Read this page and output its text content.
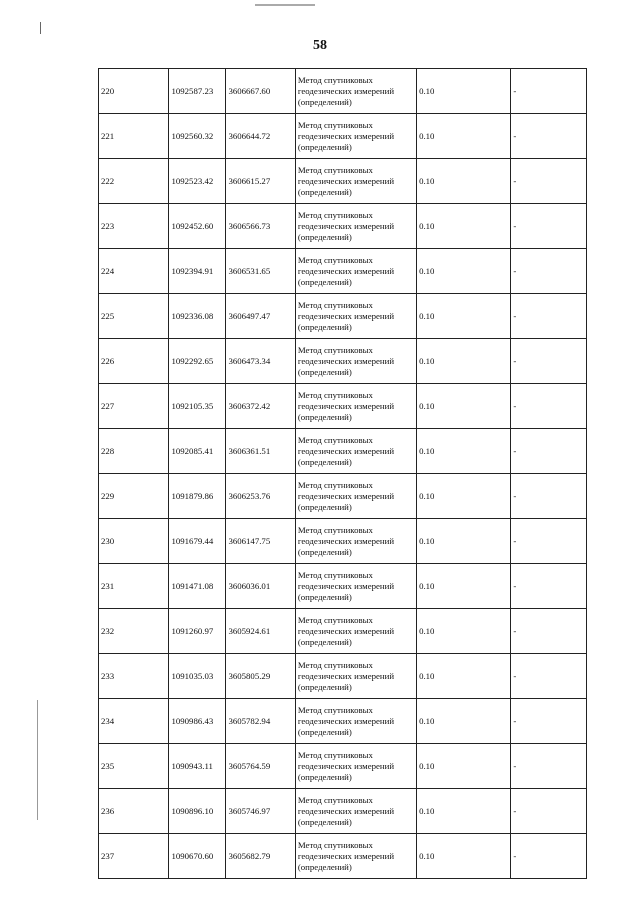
58
220	1092587.23	3606667.60	Метод спутниковых
геодезических измерений
(определений)	0.10	-
221	1092560.32	3606644.72	Метод спутниковых
геодезических измерений
(определений)	0.10	-
222	1092523.42	3606615.27	Метод спутниковых
геодезических измерений
(определений)	0.10	-
223	1092452.60	3606566.73	Метод спутниковых
геодезических измерений
(определений)	0.10	-
224	1092394.91	3606531.65	Метод спутниковых
геодезических измерений
(определений)	0.10	-
225	1092336.08	3606497.47	Метод спутниковых
геодезических измерений
(определений)	0.10	-
226	1092292.65	3606473.34	Метод спутниковых
геодезических измерений
(определений)	0.10	-
227	1092105.35	3606372.42	Метод спутниковых
геодезических измерений
(определений)	0.10	-
228	1092085.41	3606361.51	Метод спутниковых
геодезических измерений
(определений)	0.10	-
229	1091879.86	3606253.76	Метод спутниковых
геодезических измерений
(определений)	0.10	-
230	1091679.44	3606147.75	Метод спутниковых
геодезических измерений
(определений)	0.10	-
231	1091471.08	3606036.01	Метод спутниковых
геодезических измерений
(определений)	0.10	-
232	1091260.97	3605924.61	Метод спутниковых
геодезических измерений
(определений)	0.10	-
233	1091035.03	3605805.29	Метод спутниковых
геодезических измерений
(определений)	0.10	-
234	1090986.43	3605782.94	Метод спутниковых
геодезических измерений
(определений)	0.10	-
235	1090943.11	3605764.59	Метод спутниковых
геодезических измерений
(определений)	0.10	-
236	1090896.10	3605746.97	Метод спутниковых
геодезических измерений
(определений)	0.10	-
237	1090670.60	3605682.79	Метод спутниковых
геодезических измерений
(определений)	0.10	-
